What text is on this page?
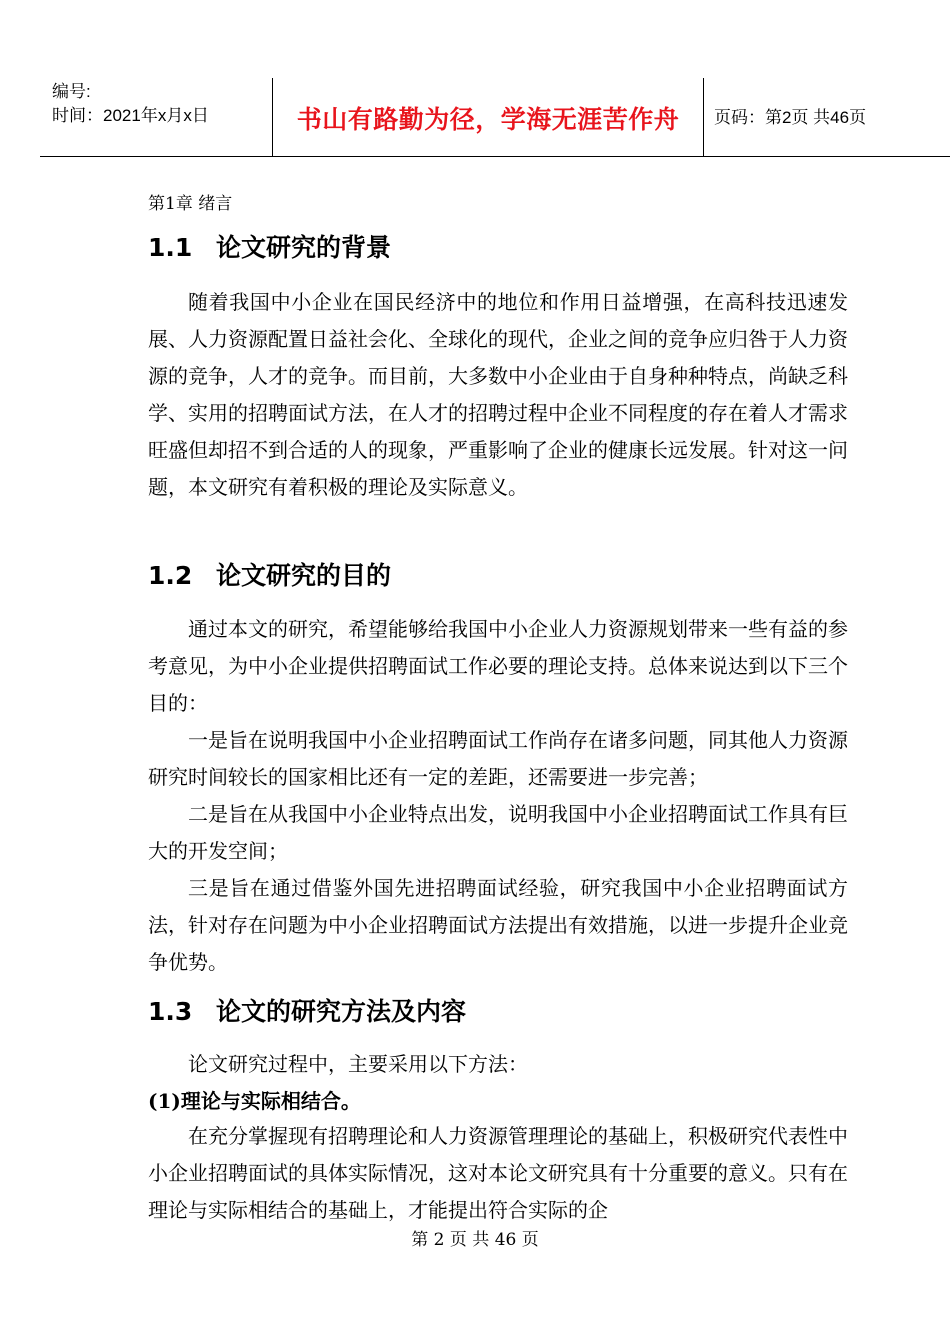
编号:
时间：2021年x月x日	书山有路勤为径，学海无涯苦作舟	页码：第2页 共46页
第1章 绪言
1.1 论文研究的背景

随着我国中小企业在国民经济中的地位和作用日益增强，在高科技迅速发展、人力资源配置日益社会化、全球化的现代，企业之间的竞争应归咎于人力资源的竞争，人才的竞争。而目前，大多数中小企业由于自身种种特点，尚缺乏科学、实用的招聘面试方法，在人才的招聘过程中企业不同程度的存在着人才需求旺盛但却招不到合适的人的现象，严重影响了企业的健康长远发展。针对这一问题，本文研究有着积极的理论及实际意义。

1.2 论文研究的目的

通过本文的研究，希望能够给我国中小企业人力资源规划带来一些有益的参考意见，为中小企业提供招聘面试工作必要的理论支持。总体来说达到以下三个目的：

一是旨在说明我国中小企业招聘面试工作尚存在诸多问题，同其他人力资源研究时间较长的国家相比还有一定的差距，还需要进一步完善；

二是旨在从我国中小企业特点出发，说明我国中小企业招聘面试工作具有巨大的开发空间；

三是旨在通过借鉴外国先进招聘面试经验，研究我国中小企业招聘面试方法，针对存在问题为中小企业招聘面试方法提出有效措施，以进一步提升企业竞争优势。

1.3 论文的研究方法及内容

论文研究过程中，主要采用以下方法：

(1)理论与实际相结合。

在充分掌握现有招聘理论和人力资源管理理论的基础上，积极研究代表性中小企业招聘面试的具体实际情况，这对本论文研究具有十分重要的意义。只有在理论与实际相结合的基础上，才能提出符合实际的企

第 2 页 共 46 页
